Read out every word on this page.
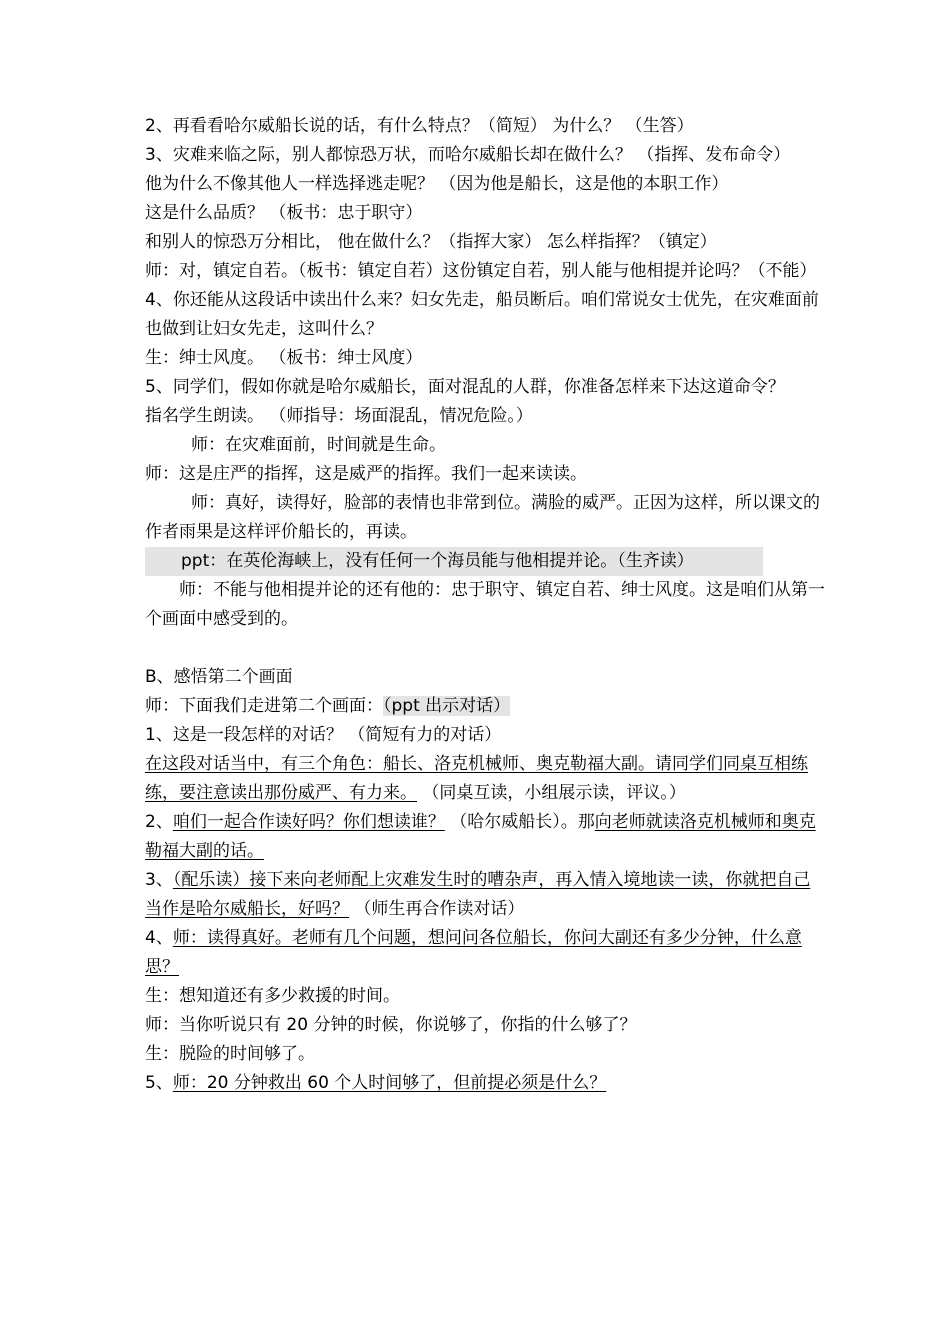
2、再看看哈尔威船长说的话，有什么特点？（简短） 为什么？ （生答）

3、灾难来临之际，别人都惊恐万状，而哈尔威船长却在做什么？ （指挥、发布命令）

他为什么不像其他人一样选择逃走呢？ （因为他是船长，这是他的本职工作）

这是什么品质？ （板书：忠于职守）

和别人的惊恐万分相比， 他在做什么？（指挥大家） 怎么样指挥？（镇定）

师：对，镇定自若。（板书：镇定自若）这份镇定自若，别人能与他相提并论吗？（不能）

4、你还能从这段话中读出什么来？妇女先走，船员断后。咱们常说女士优先，在灾难面前也做到让妇女先走，这叫什么？

生：绅士风度。 （板书：绅士风度）

5、同学们，假如你就是哈尔威船长，面对混乱的人群，你准备怎样来下达这道命令？

指名学生朗读。 （师指导：场面混乱，情况危险。）

师：在灾难面前，时间就是生命。

师：这是庄严的指挥，这是威严的指挥。我们一起来读读。

师：真好，读得好，脸部的表情也非常到位。满脸的威严。正因为这样，所以课文的作者雨果是这样评价船长的，再读。

ppt：在英伦海峡上，没有任何一个海员能与他相提并论。（生齐读）

师：不能与他相提并论的还有他的：忠于职守、镇定自若、绅士风度。这是咱们从第一个画面中感受到的。

B、感悟第二个画面

师：下面我们走进第二个画面：（ppt 出示对话）

1、这是一段怎样的对话？ （简短有力的对话）

在这段对话当中，有三个角色：船长、洛克机械师、奥克勒福大副。请同学们同桌互相练练，要注意读出那份威严、有力来。 （同桌互读，小组展示读，评议。）

2、咱们一起合作读好吗？你们想读谁？ （哈尔威船长）。那向老师就读洛克机械师和奥克勒福大副的话。

3、（配乐读）接下来向老师配上灾难发生时的嘈杂声，再入情入境地读一读，你就把自己当作是哈尔威船长，好吗？ （师生再合作读对话）

4、师：读得真好。老师有几个问题，想问问各位船长，你问大副还有多少分钟，什么意思？

生：想知道还有多少救援的时间。

师：当你听说只有 20 分钟的时候，你说够了，你指的什么够了？

生：脱险的时间够了。

5、师：20 分钟救出 60 个人时间够了，但前提必须是什么？
